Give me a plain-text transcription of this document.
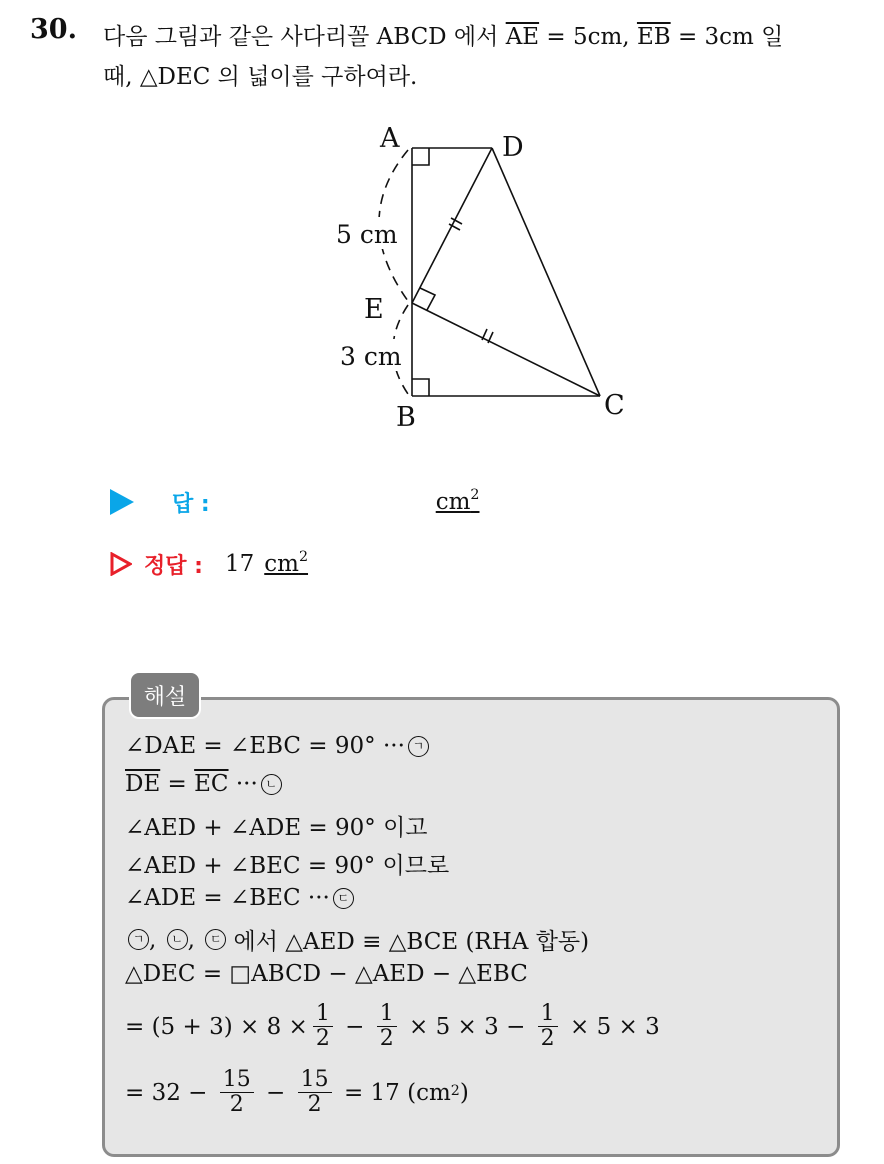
30. 다음 그림과 같은 사다리꼴 ABCD 에서 $\overline{AE} = 5cm$, $\overline{EB} = 3cm$ 일
때, △DEC 의 넓이를 구하여라.
A	D
E
B	C
5 cm
3 cm
답 :	$cm^2$
정답 : 17 $cm^2$
해설
∠DAE = ∠EBC = 90° ··· ㄱ
$\overline{DE} = \overline{EC}$ ··· ㄴ
∠AED + ∠ADE = 90° 이고
∠AED + ∠BEC = 90° 이므로
∠ADE = ∠BEC ··· ㄷ
ㄱ , ㄴ , ㄷ 에서 △AED ≡ △BCE (RHA 합동)
△DEC = □ABCD − △AED − △EBC
= $(5 + 3) \times 8 \times \frac{1}{2} - \frac{1}{2} \times 5 \times 3 - \frac{1}{2} \times 5 \times 3$
= $32 - \frac{15}{2} - \frac{15}{2} = 17$ ($cm^2$ )
